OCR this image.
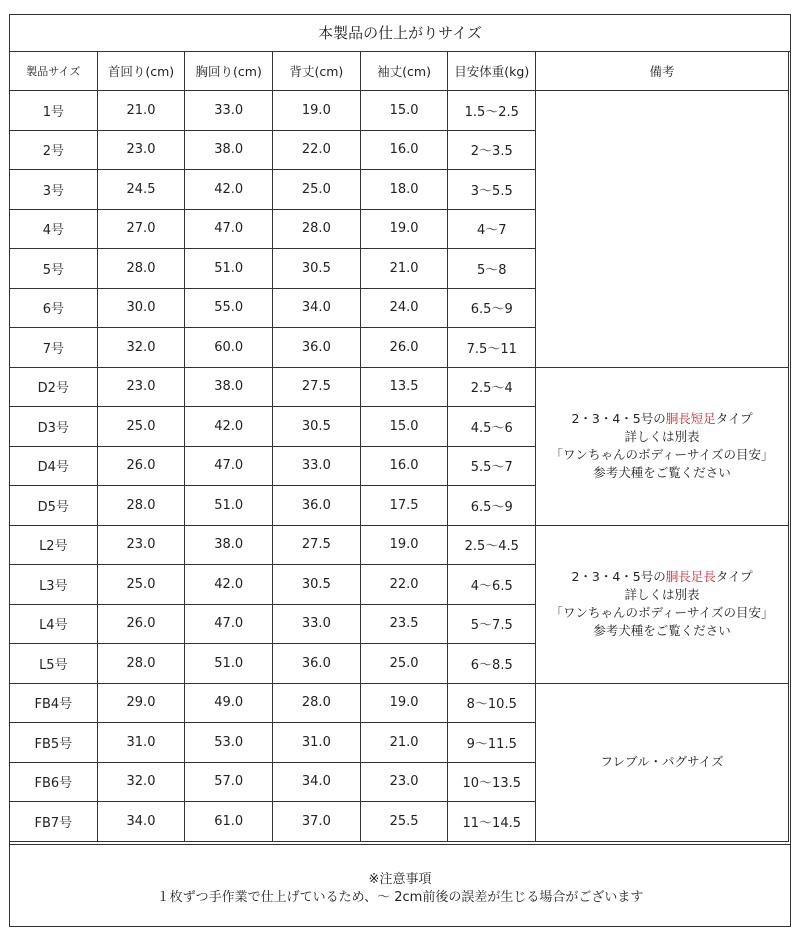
本製品の仕上がりサイズ
製品サイズ	首回り(cm)	胸回り(cm)	背丈(cm)	袖丈(cm)	目安体重(kg)	備考
1号	21.0	33.0	19.0	15.0	1.5〜2.5	
2号	23.0	38.0	22.0	16.0	2〜3.5	
3号	24.5	42.0	25.0	18.0	3〜5.5	
4号	27.0	47.0	28.0	19.0	4〜7	
5号	28.0	51.0	30.5	21.0	5〜8	
6号	30.0	55.0	34.0	24.0	6.5〜9	
7号	32.0	60.0	36.0	26.0	7.5〜11	
D2号	23.0	38.0	27.5	13.5	2.5〜4	2・3・4・5号の胴長短足タイプ
詳しくは別表
「ワンちゃんのボディーサイズの目安」
参考犬種をご覧ください

D3号	25.0	42.0	30.5	15.0	4.5〜6	
D4号	26.0	47.0	33.0	16.0	5.5〜7	
D5号	28.0	51.0	36.0	17.5	6.5〜9	
L2号	23.0	38.0	27.5	19.0	2.5〜4.5	2・3・4・5号の胴長足長タイプ
詳しくは別表
「ワンちゃんのボディーサイズの目安」
参考犬種をご覧ください

L3号	25.0	42.0	30.5	22.0	4〜6.5	
L4号	26.0	47.0	33.0	23.5	5〜7.5	
L5号	28.0	51.0	36.0	25.0	6〜8.5	
FB4号	29.0	49.0	28.0	19.0	8〜10.5	フレブル・パグサイズ
FB5号	31.0	53.0	31.0	21.0	9〜11.5	
FB6号	32.0	57.0	34.0	23.0	10〜13.5	
FB7号	34.0	61.0	37.0	25.5	11〜14.5	
※注意事項
１枚ずつ手作業で仕上げているため、〜 2cm前後の誤差が生じる場合がございます
